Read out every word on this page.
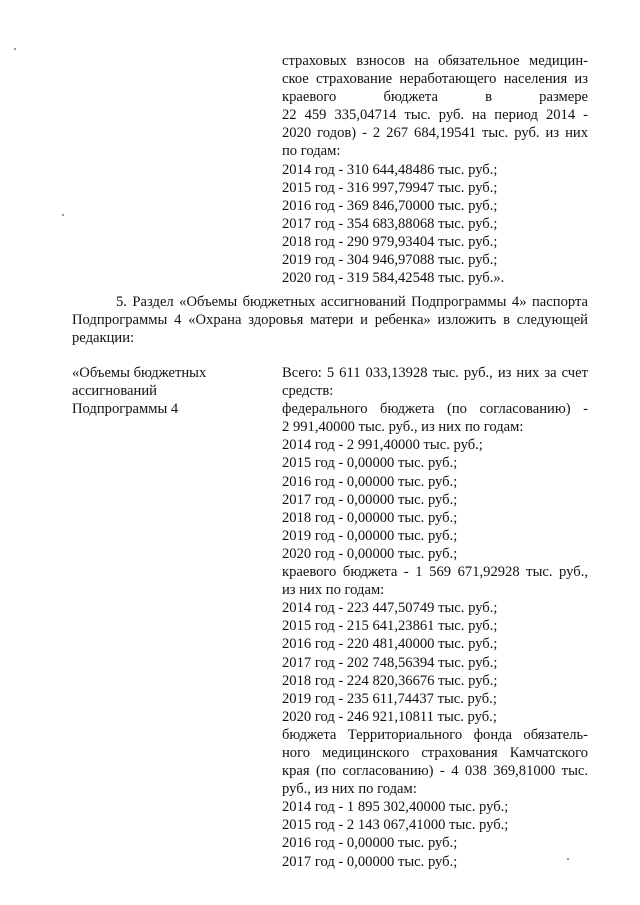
страховых взносов на обязательное медицин-
ское страхование неработающего населения из
краевого бюджета в размере
22 459 335,04714 тыс. руб. на период 2014 -
2020 годов) - 2 267 684,19541 тыс. руб. из них
по годам:
2014 год - 310 644,48486 тыс. руб.;
2015 год - 316 997,79947 тыс. руб.;
2016 год - 369 846,70000 тыс. руб.;
2017 год - 354 683,88068 тыс. руб.;
2018 год - 290 979,93404 тыс. руб.;
2019 год - 304 946,97088 тыс. руб.;
2020 год - 319 584,42548 тыс. руб.».
5. Раздел «Объемы бюджетных ассигнований Подпрограммы 4» паспорта
Подпрограммы 4 «Охрана здоровья матери и ребенка» изложить в следующей
редакции:
«Объемы бюджетных
ассигнований
Подпрограммы 4
Всего: 5 611 033,13928 тыс. руб., из них за счет
средств:
федерального бюджета (по согласованию) -
2 991,40000 тыс. руб., из них по годам:
2014 год - 2 991,40000 тыс. руб.;
2015 год - 0,00000 тыс. руб.;
2016 год - 0,00000 тыс. руб.;
2017 год - 0,00000 тыс. руб.;
2018 год - 0,00000 тыс. руб.;
2019 год - 0,00000 тыс. руб.;
2020 год - 0,00000 тыс. руб.;
краевого бюджета - 1 569 671,92928 тыс. руб.,
из них по годам:
2014 год - 223 447,50749 тыс. руб.;
2015 год - 215 641,23861 тыс. руб.;
2016 год - 220 481,40000 тыс. руб.;
2017 год - 202 748,56394 тыс. руб.;
2018 год - 224 820,36676 тыс. руб.;
2019 год - 235 611,74437 тыс. руб.;
2020 год - 246 921,10811 тыс. руб.;
бюджета Территориального фонда обязатель-
ного медицинского страхования Камчатского
края (по согласованию) - 4 038 369,81000 тыс.
руб., из них по годам:
2014 год - 1 895 302,40000 тыс. руб.;
2015 год - 2 143 067,41000 тыс. руб.;
2016 год - 0,00000 тыс. руб.;
2017 год - 0,00000 тыс. руб.;
